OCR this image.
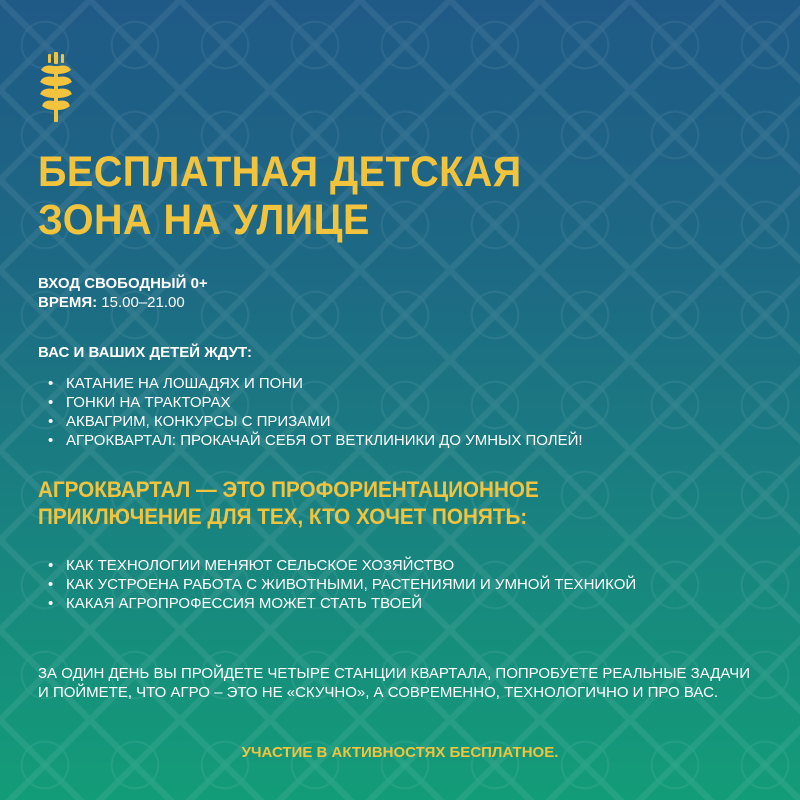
БЕСПЛАТНАЯ ДЕТСКАЯ
ЗОНА НА УЛИЦЕ
ВХОД СВОБОДНЫЙ 0+
ВРЕМЯ: 15.00–21.00
ВАС И ВАШИХ ДЕТЕЙ ЖДУТ:
• КАТАНИЕ НА ЛОШАДЯХ И ПОНИ
• ГОНКИ НА ТРАКТОРАХ
• АКВАГРИМ, КОНКУРСЫ С ПРИЗАМИ
• АГРОКВАРТАЛ: ПРОКАЧАЙ СЕБЯ ОТ ВЕТКЛИНИКИ ДО УМНЫХ ПОЛЕЙ!
АГРОКВАРТАЛ — ЭТО ПРОФОРИЕНТАЦИОННОЕ
ПРИКЛЮЧЕНИЕ ДЛЯ ТЕХ, КТО ХОЧЕТ ПОНЯТЬ:
• КАК ТЕХНОЛОГИИ МЕНЯЮТ СЕЛЬСКОЕ ХОЗЯЙСТВО
• КАК УСТРОЕНА РАБОТА С ЖИВОТНЫМИ, РАСТЕНИЯМИ И УМНОЙ ТЕХНИКОЙ
• КАКАЯ АГРОПРОФЕССИЯ МОЖЕТ СТАТЬ ТВОЕЙ
ЗА ОДИН ДЕНЬ ВЫ ПРОЙДЕТЕ ЧЕТЫРЕ СТАНЦИИ КВАРТАЛА, ПОПРОБУЕТЕ РЕАЛЬНЫЕ ЗАДАЧИ И ПОЙМЕТЕ, ЧТО АГРО – ЭТО НЕ «СКУЧНО», А СОВРЕМЕННО, ТЕХНОЛОГИЧНО И ПРО ВАС.
УЧАСТИЕ В АКТИВНОСТЯХ БЕСПЛАТНОЕ.
